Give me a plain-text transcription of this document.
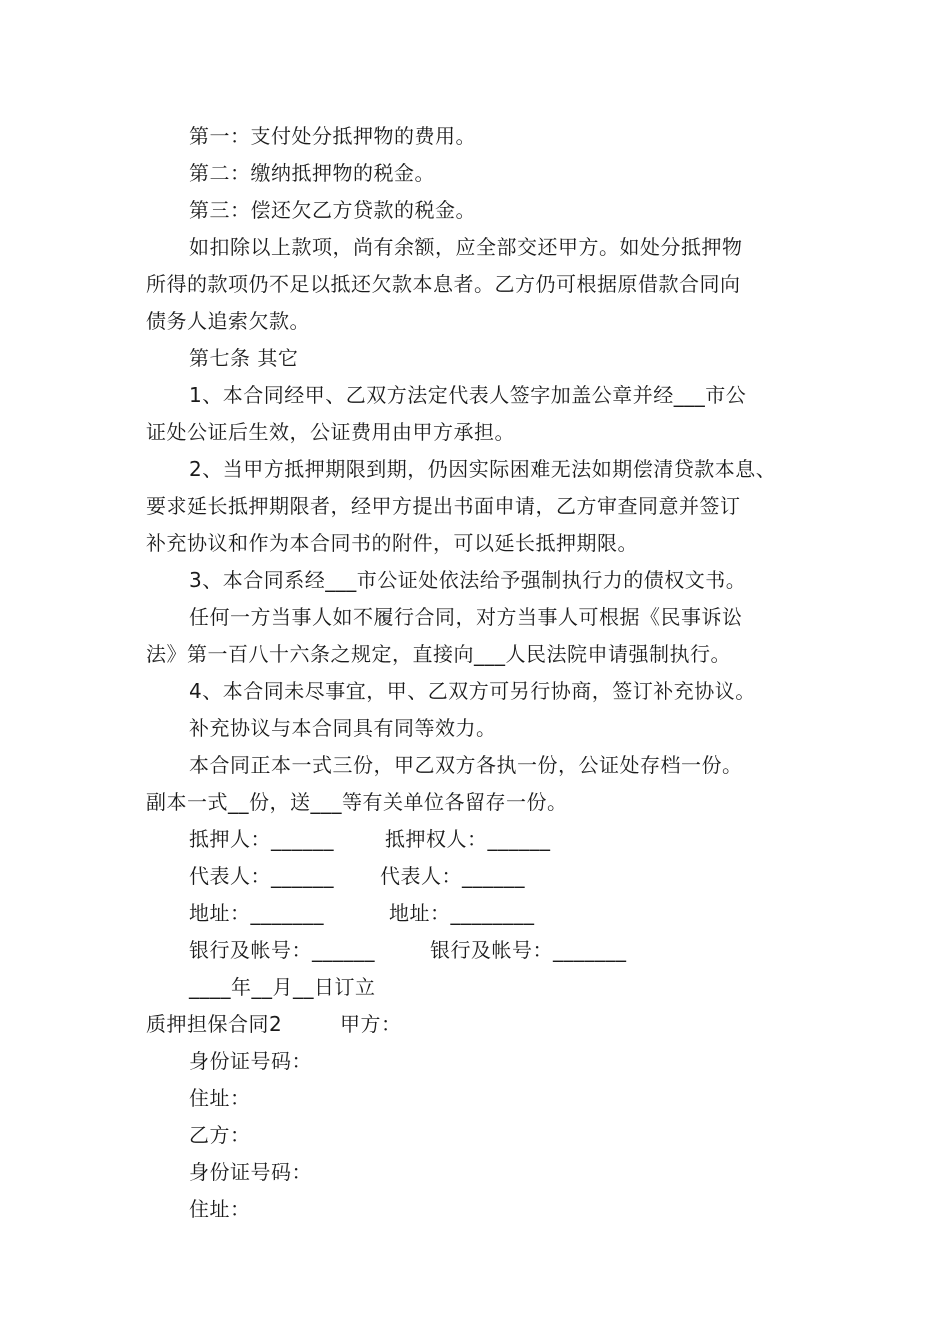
第一：支付处分抵押物的费用。

第二：缴纳抵押物的税金。

第三：偿还欠乙方贷款的税金。

如扣除以上款项，尚有余额，应全部交还甲方。如处分抵押物
所得的款项仍不足以抵还欠款本息者。乙方仍可根据原借款合同向
债务人追索欠款。

第七条 其它

1、本合同经甲、乙双方法定代表人签字加盖公章并经___市公
证处公证后生效，公证费用由甲方承担。
2、当甲方抵押期限到期，仍因实际困难无法如期偿清贷款本息、
要求延长抵押期限者，经甲方提出书面申请，乙方审查同意并签订
补充协议和作为本合同书的附件，可以延长抵押期限。

3、本合同系经___市公证处依法给予强制执行力的债权文书。

任何一方当事人如不履行合同，对方当事人可根据《民事诉讼
法》第一百八十六条之规定，直接向___人民法院申请强制执行。

4、本合同未尽事宜，甲、乙双方可另行协商，签订补充协议。

补充协议与本合同具有同等效力。

本合同正本一式三份，甲乙双方各执一份，公证处存档一份。
副本一式__份，送___等有关单位各留存一份。
抵押人：______	抵押权人：______
代表人：______	代表人：______
地址：_______	地址：________
银行及帐号：______	银行及帐号：_______

____年__月__日订立

质押担保合同2	甲方：

身份证号码：

住址：

乙方：

身份证号码：

住址：
